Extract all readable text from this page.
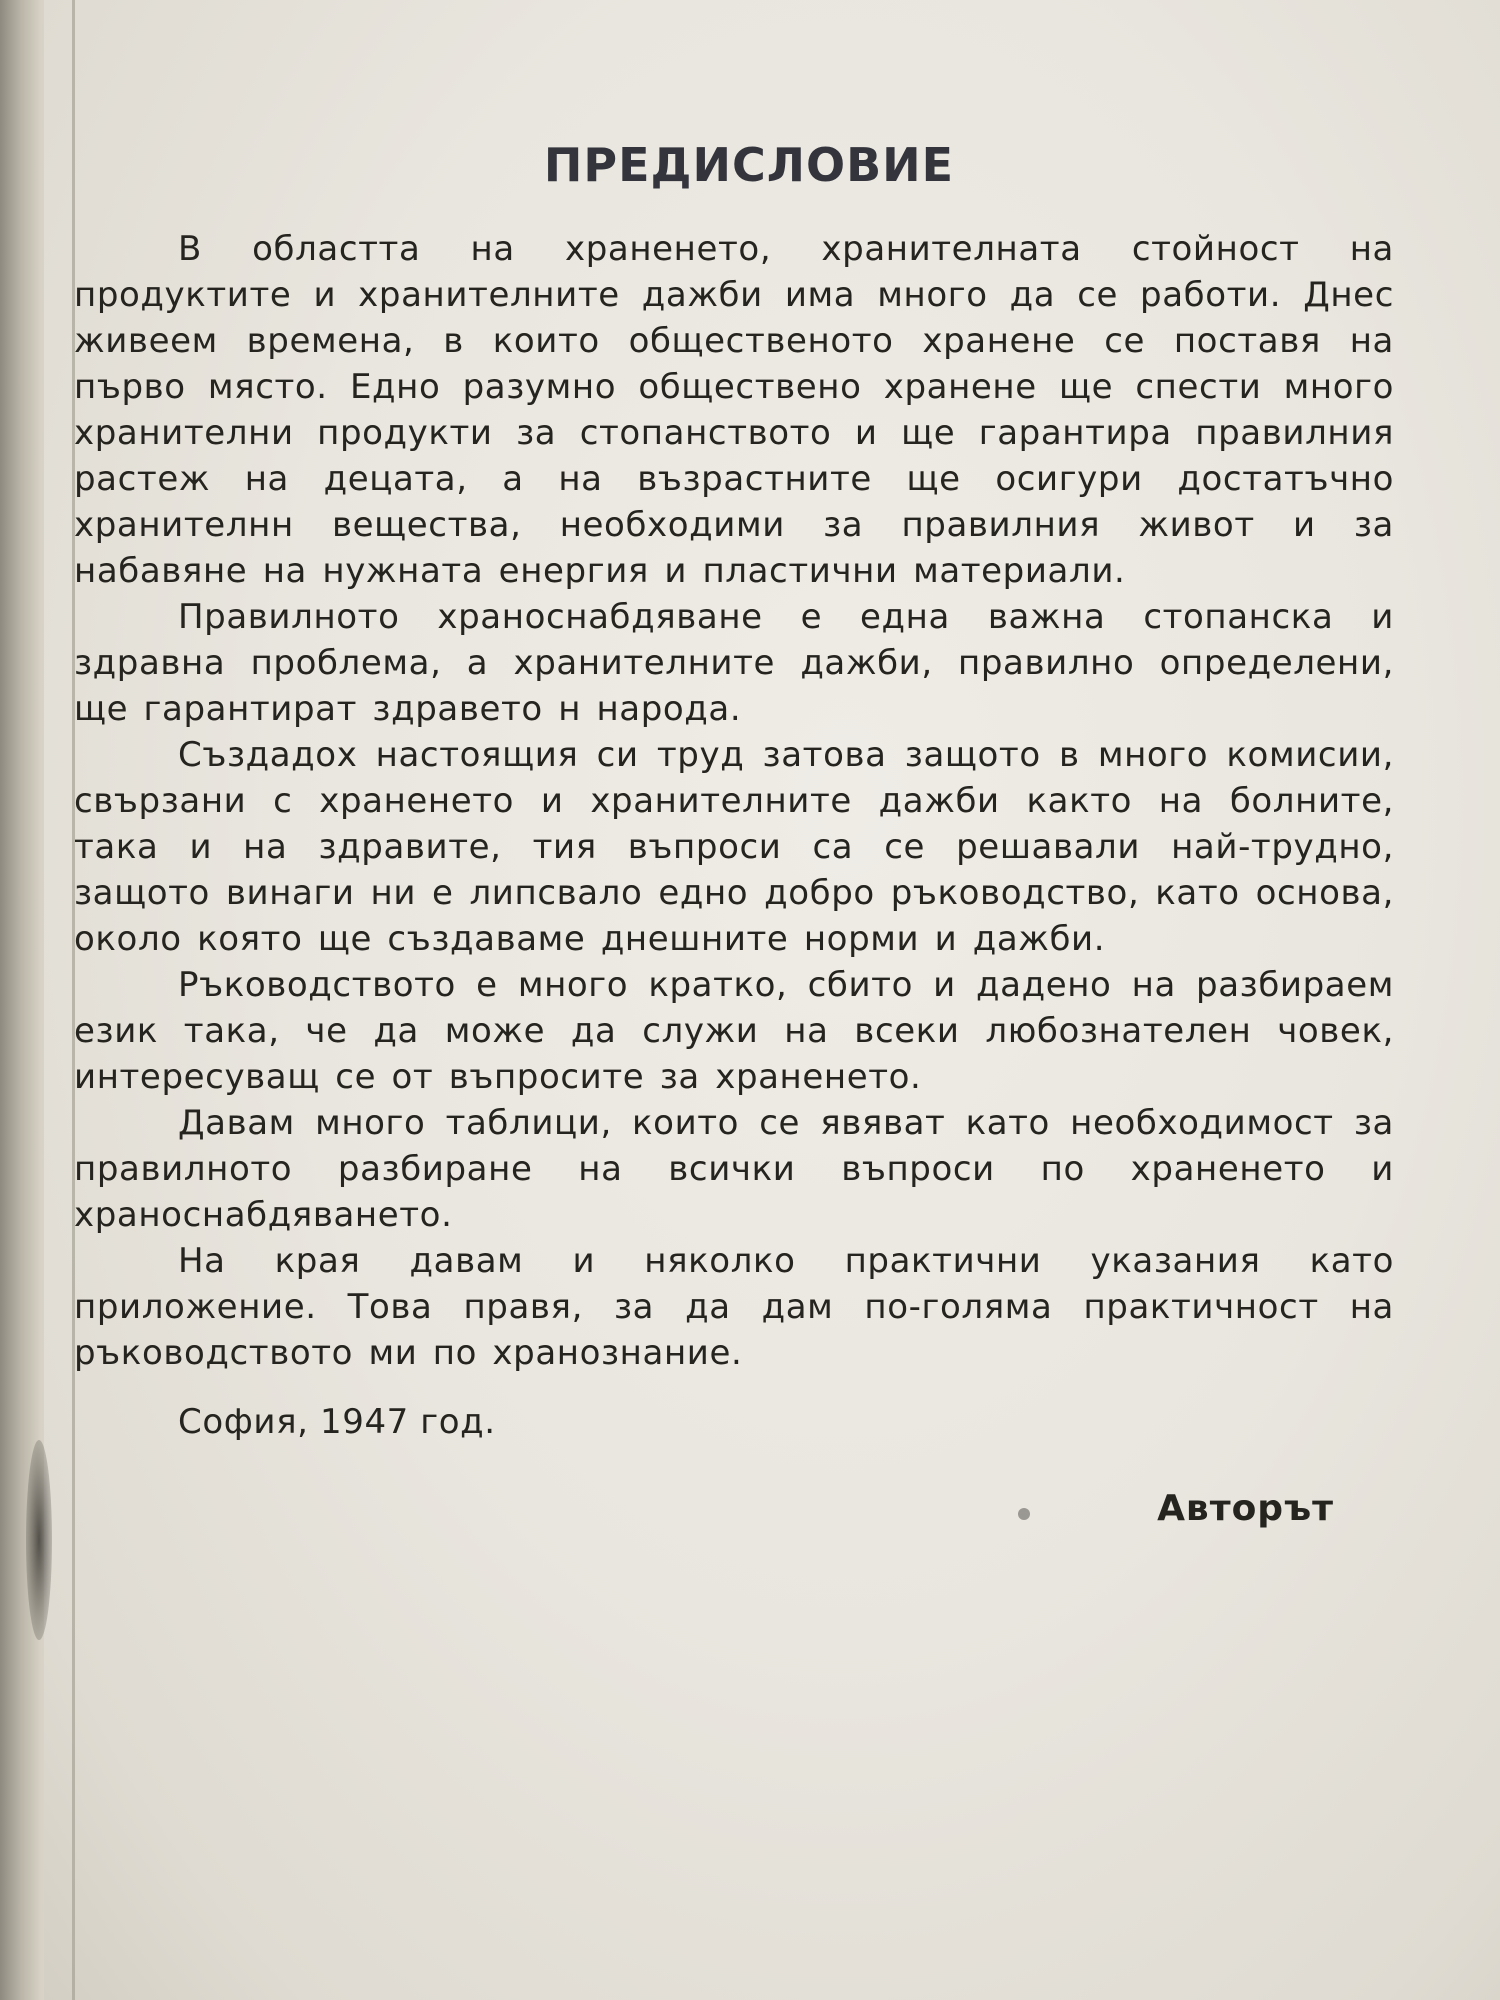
ПРЕДИСЛОВИЕ

В областта на храненето, хранителната стойност на продуктите и хранителните дажби има много да се работи. Днес живеем времена, в които общественото хранене се поставя на първо място. Едно разумно обществено хранене ще спести много хранителни продукти за стопанството и ще гарантира правилния растеж на децата, а на възрастните ще осигури достатъчно хранителнн вещества, необходими за правилния живот и за набавяне на нужната енергия и пластични материали.

Правилното храноснабдяване е една важна стопанска и здравна проблема, а хранителните дажби, правилно определени, ще гарантират здравето н народа.

Създадох настоящия си труд затова защото в много комисии, свързани с храненето и хранителните дажби както на болните, така и на здравите, тия въпроси са се решавали най-трудно, защото винаги ни е липсвало едно добро ръководство, като основа, около която ще създаваме днешните норми и дажби.

Ръководството е много кратко, сбито и дадено на разбираем език така, че да може да служи на всеки любознателен човек, интересуващ се от въпросите за храненето.

Давам много таблици, които се явяват като необходимост за правилното разбиране на всички въпроси по храненето и храноснабдяването.

На края давам и няколко практични указания като приложение. Това правя, за да дам по-голяма практичност на ръководството ми по хранознание.

София, 1947 год.
Авторът
